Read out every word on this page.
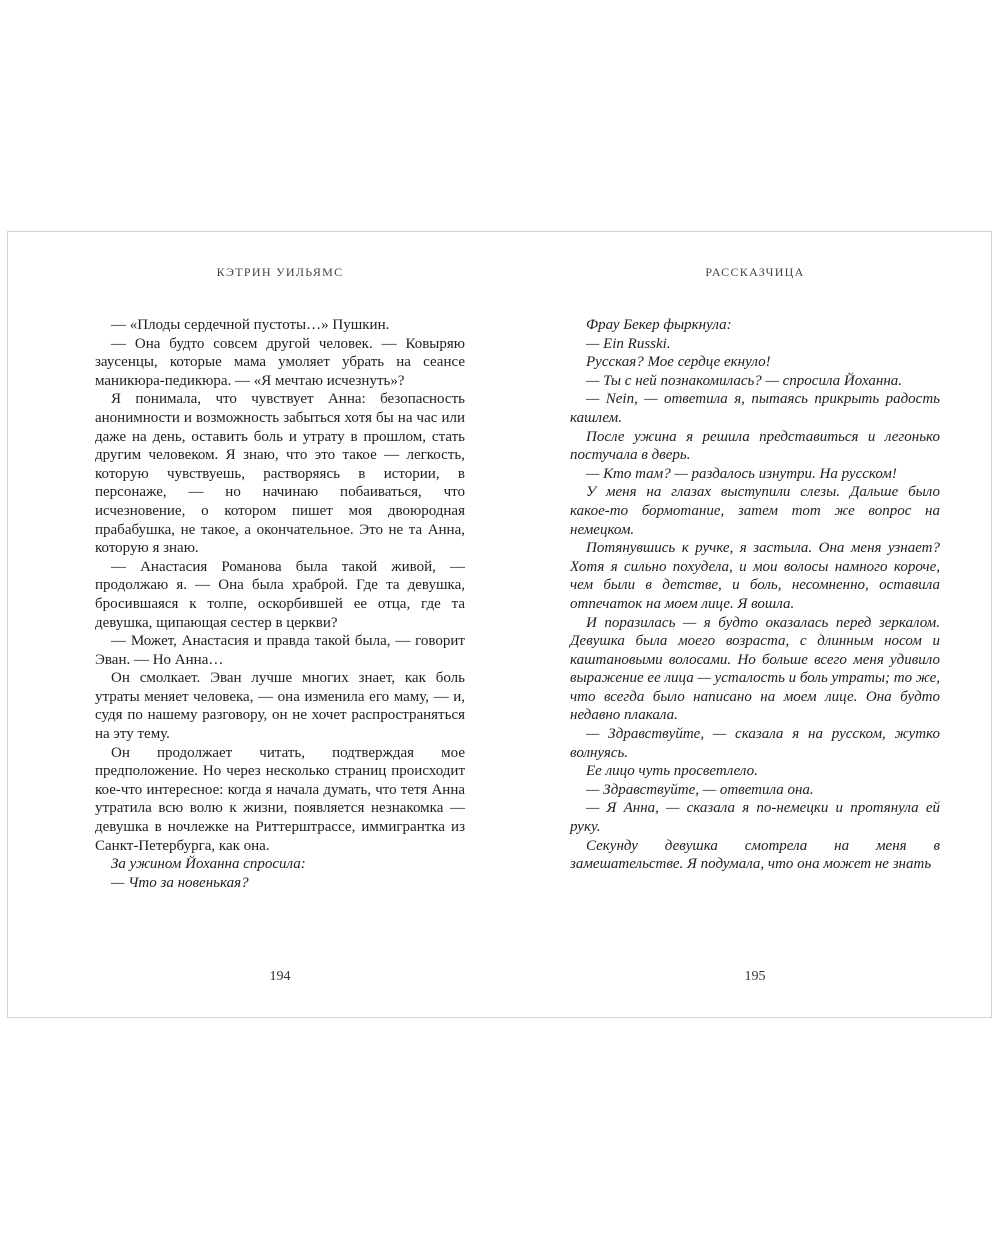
КЭТРИН УИЛЬЯМС

— «Плоды сердечной пустоты…» Пушкин.

— Она будто совсем другой человек. — Ковыряю заусенцы, которые мама умоляет убрать на сеансе маникюра-педикюра. — «Я мечтаю исчезнуть»?

Я понимала, что чувствует Анна: безопасность анонимности и возможность забыться хотя бы на час или даже на день, оставить боль и утрату в прошлом, стать другим человеком. Я знаю, что это такое — легкость, которую чувствуешь, растворяясь в истории, в персонаже, — но начинаю побаиваться, что исчезновение, о котором пишет моя двоюродная прабабушка, не такое, а окончательное. Это не та Анна, которую я знаю.

— Анастасия Романова была такой живой, — продолжаю я. — Она была храброй. Где та девушка, бросившаяся к толпе, оскорбившей ее отца, где та девушка, щипающая сестер в церкви?

— Может, Анастасия и правда такой была, — говорит Эван. — Но Анна…

Он смолкает. Эван лучше многих знает, как боль утраты меняет человека, — она изменила его маму, — и, судя по нашему разговору, он не хочет распространяться на эту тему.

Он продолжает читать, подтверждая мое предположение. Но через несколько страниц происходит кое-что интересное: когда я начала думать, что тетя Анна утратила всю волю к жизни, появляется незнакомка — девушка в ночлежке на Риттерштрассе, иммигрантка из Санкт-Петербурга, как она.

За ужином Йоханна спросила:

— Что за новенькая?

194
РАССКАЗЧИЦА

Фрау Бекер фыркнула:

— Ein Russki.

Русская? Мое сердце екнуло!

— Ты с ней познакомилась? — спросила Йоханна.

— Nein, — ответила я, пытаясь прикрыть радость кашлем.

После ужина я решила представиться и легонько постучала в дверь.

— Кто там? — раздалось изнутри. На русском!

У меня на глазах выступили слезы. Дальше было какое-то бормотание, затем тот же вопрос на немецком.

Потянувшись к ручке, я застыла. Она меня узнает? Хотя я сильно похудела, и мои волосы намного короче, чем были в детстве, и боль, несомненно, оставила отпечаток на моем лице. Я вошла.

И поразилась — я будто оказалась перед зеркалом. Девушка была моего возраста, с длинным носом и каштановыми волосами. Но больше всего меня удивило выражение ее лица — усталость и боль утраты; то же, что всегда было написано на моем лице. Она будто недавно плакала.

— Здравствуйте, — сказала я на русском, жутко волнуясь.

Ее лицо чуть просветлело.

— Здравствуйте, — ответила она.

— Я Анна, — сказала я по-немецки и протянула ей руку.

Секунду девушка смотрела на меня в замешательстве. Я подумала, что она может не знать

195
